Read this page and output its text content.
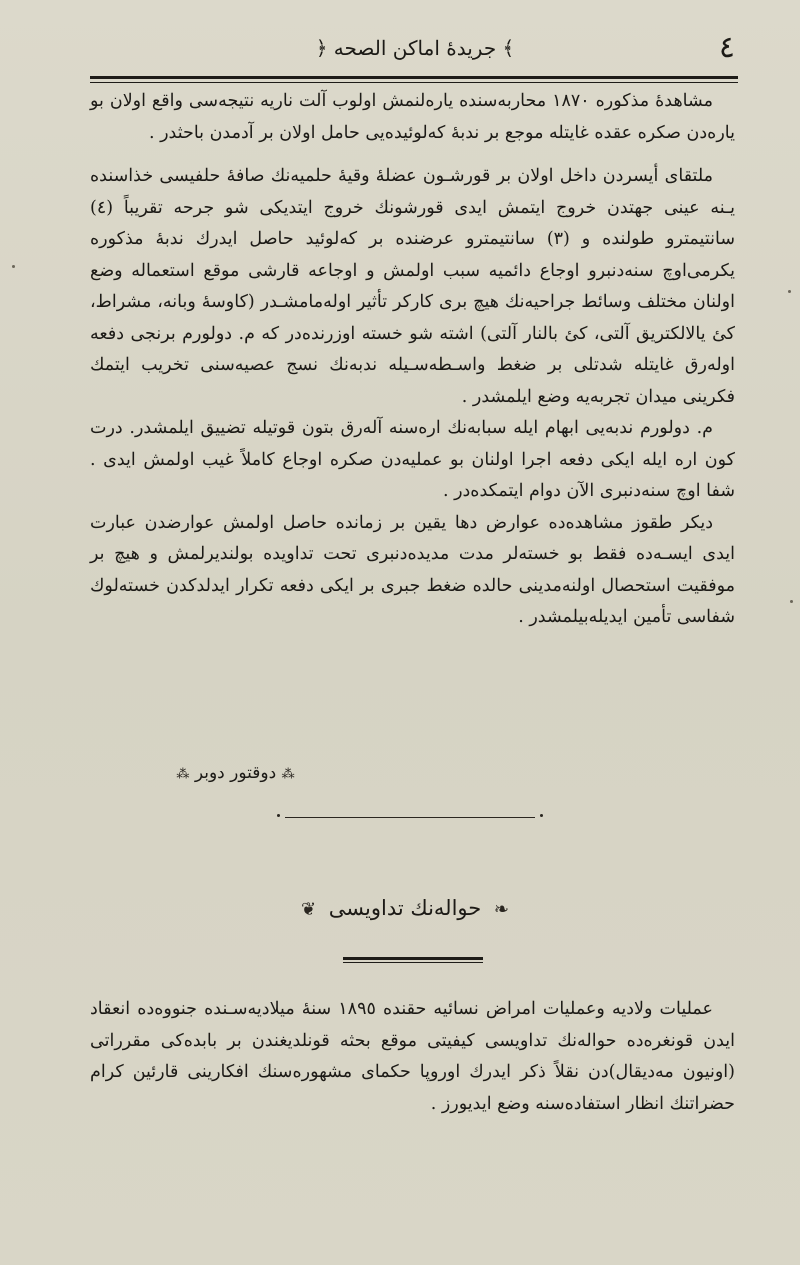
﴿ جريدهٔ اماكن الصحه ﴾	٤

مشاهدهٔ مذكوره ١٨٧٠ محاربه‌سنده يارەلنمش اولوب آلت ناريه نتيجه‌سى واقع اولان بو يارەدن صكره عقده غايتله موجع بر ندبهٔ كه‌لوئيده‌يى حامل اولان بر آدمدن باحثدر .

ملتقاى أيسردن داخل اولان بر قورشـون عضلهٔ وقيهٔ حلميه‌نك صافهٔ حلفيسى خذاسنده يـنه عينى جهتدن خروج ايتمش ايدى قورشونك خروج ايتديكى شو جرحه تقريباً (٤) سانتيمترو طولنده و (٣) سانتيمترو عرضنده بر كه‌لوئيد حاصل ايدرك ندبهٔ مذكوره يكرمى‌اوچ سنه‌دنبرو اوجاع دائميه سبب اولمش و اوجاعه قارشى موقع استعماله وضع اولنان مختلف وسائط جراحيه‌نك هيچ برى كاركر تأثير اوله‌مامشـدر (كاوسهٔ وبانه، مشراط، كئ يالالكتريق آلتى، كئ بالنار آلتى) اشته شو خسته اوزرنده‌در كه م. دولورم برنجى دفعه اوله‌رق غايتله شدتلى بر ضغط واسـطه‌سـيله ندبه‌نك نسج عصيه‌سنى تخريب ايتمك فكرينى ميدان تجربه‌يه وضع ايلمشدر .

م. دولورم ندبه‌يى ابهام ايله سبابه‌نك ارەسنه آله‌رق بتون قوتيله تضييق ايلمشدر. درت كون اره ايله ايكى دفعه اجرا اولنان بو عمليه‌دن صكره اوجاع كاملاً غيب اولمش ايدى . شفا اوچ سنه‌دنبرى الآن دوام ايتمكده‌در .

ديكر طقوز مشاهده‌ده عوارض دها يقين بر زمانده حاصل اولمش عوارضدن عبارت ايدى ايسـه‌ده فقط بو خسته‌لر مدت مديده‌دنبرى تحت تداويده بولنديرلمش و هيچ بر موفقيت استحصال اولنه‌مدينى حالده ضغط جبرى بر ايكى دفعه تكرار ايدلدكدن خسته‌لوك شفاسى تأمين ايديله‌بيلمشدر .

⁂ دوقتور دوبر ⁂
❧ حواله‌نك تداويسى ❦

عمليات ولاديه وعمليات امراض نسائيه حقنده ١٨٩٥ سنهٔ ميلاديه‌سـنده جنووه‌ده انعقاد ايدن قونغره‌ده حواله‌نك تداويسى كيفيتى موقع بحثه قونلديغندن بر بابده‌كى مقرراتى (اونيون مه‌ديقال)دن نقلاً ذكر ايدرك اوروپا حكماى مشهوره‌سنك افكارينى قارئين كرام حضراتنك انظار استفاده‌سنه وضع ايديورز .
